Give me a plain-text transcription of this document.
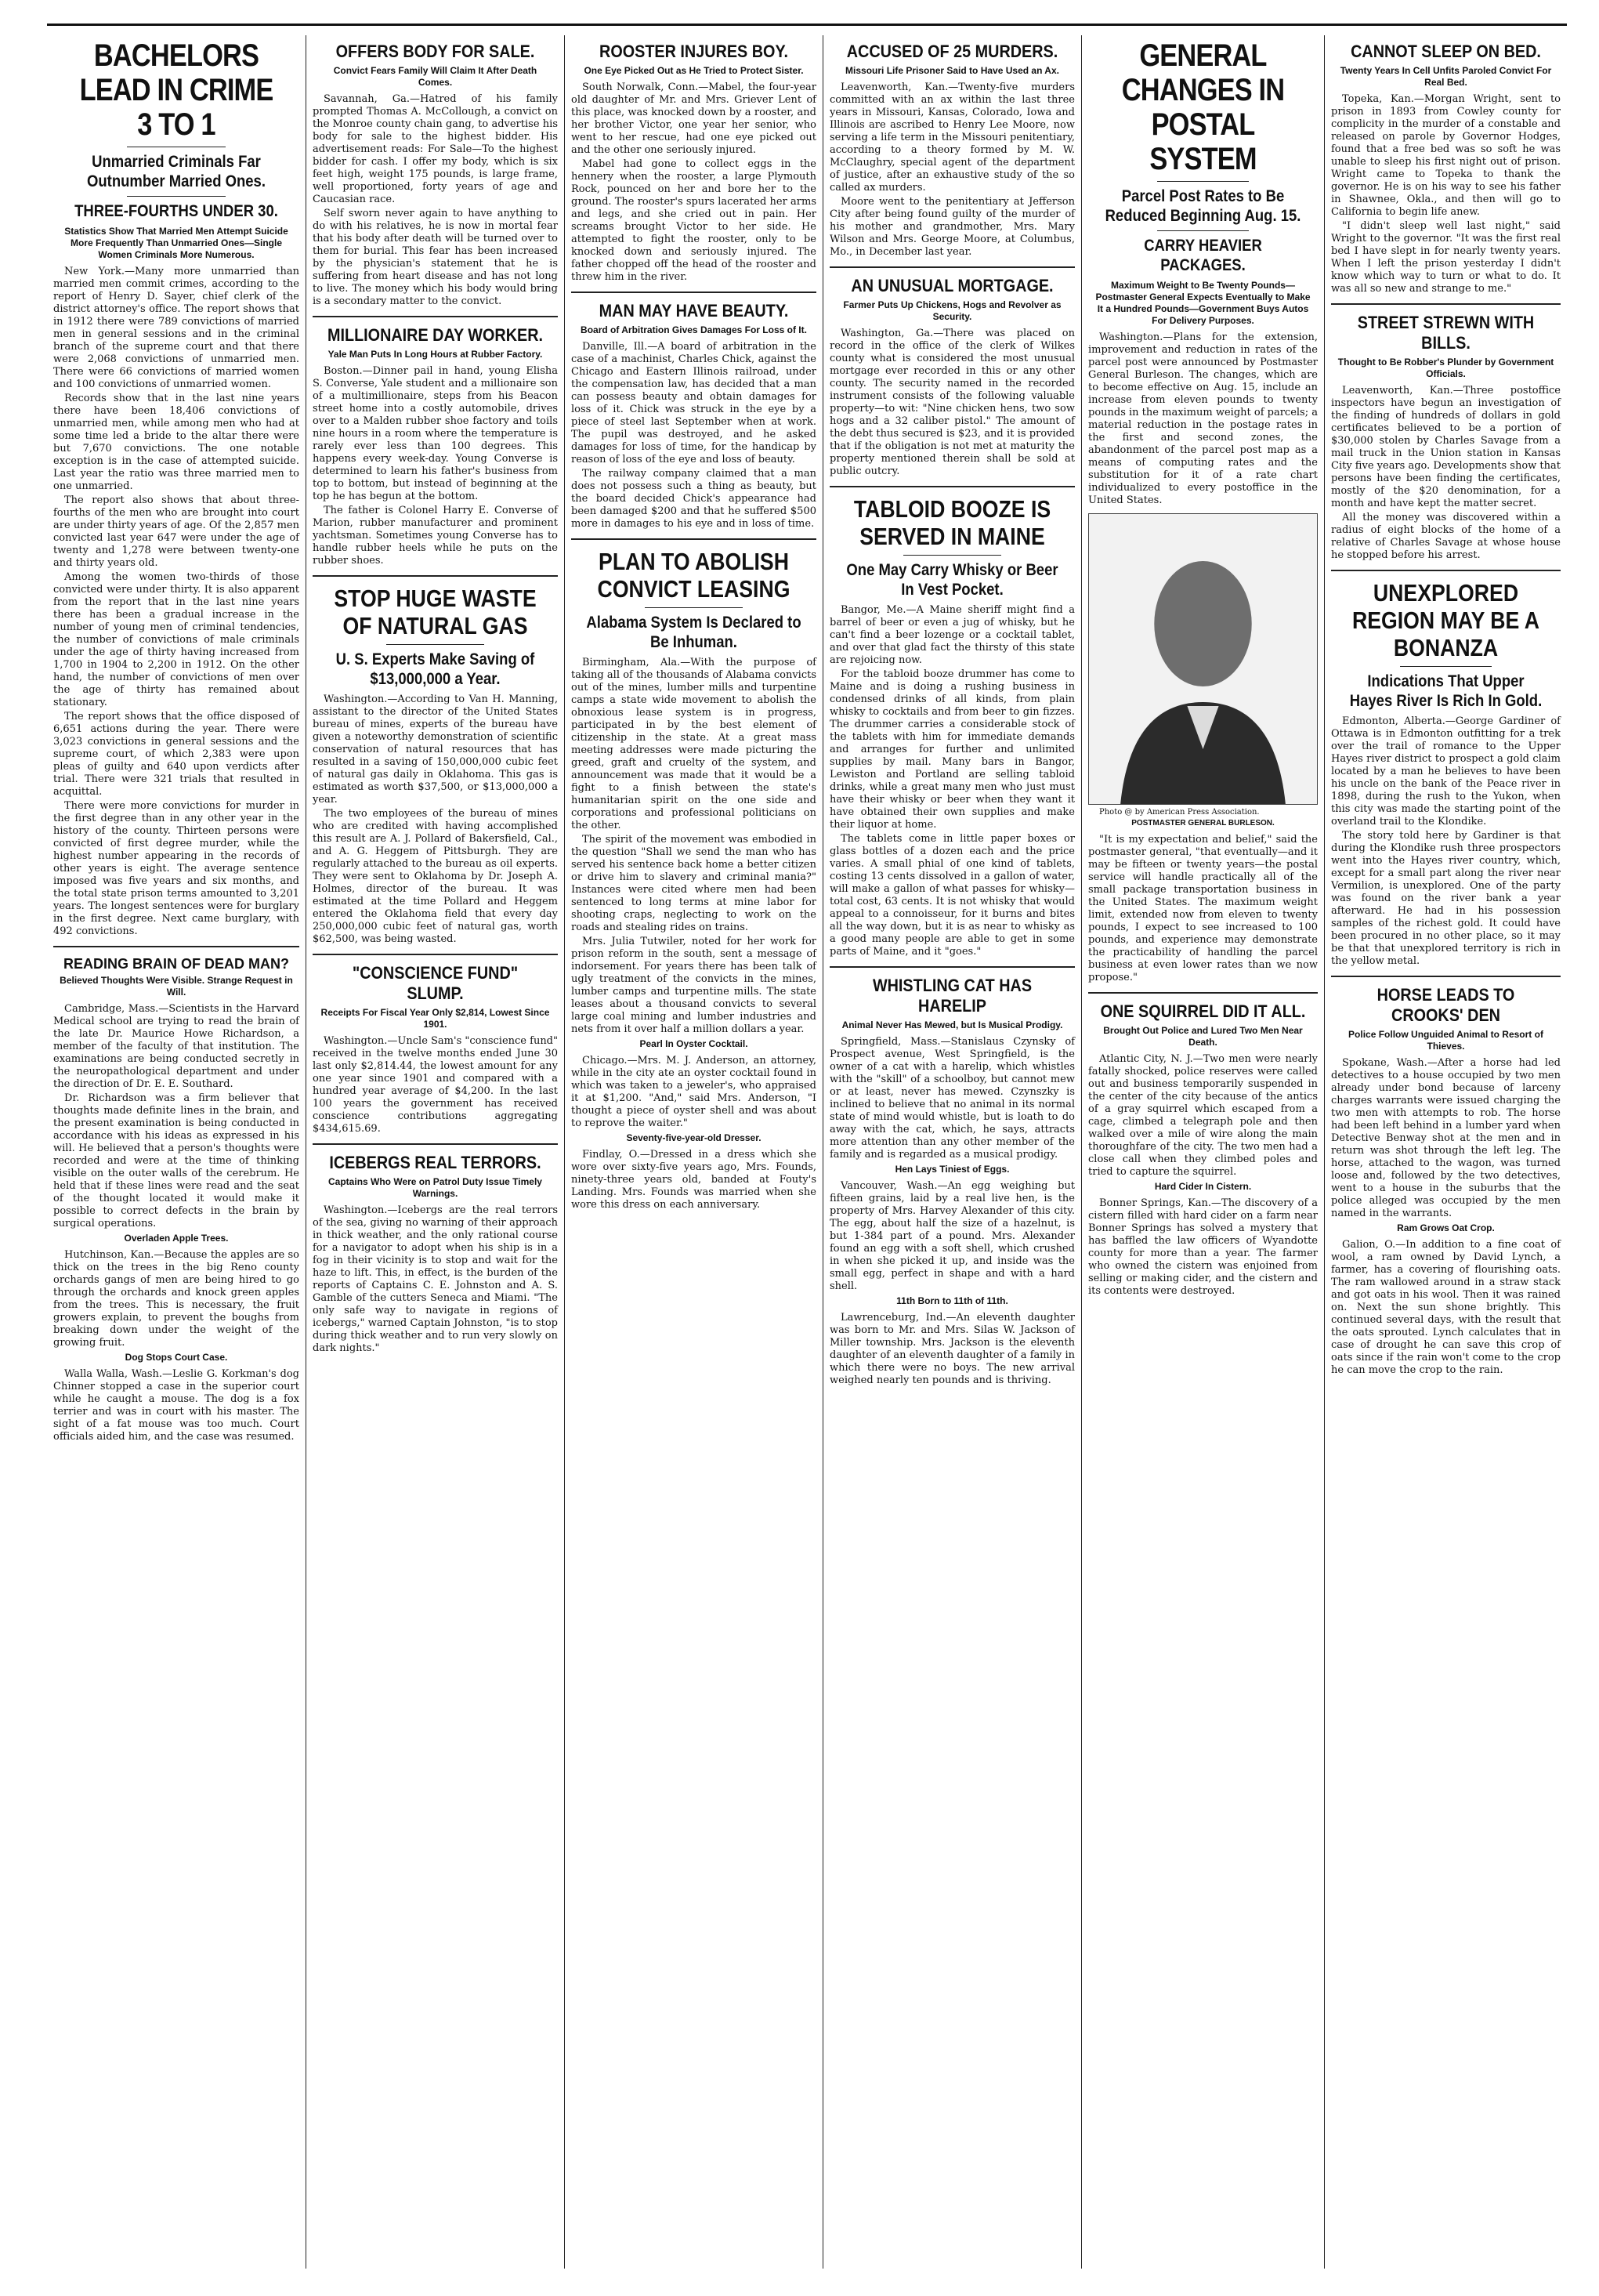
BACHELORS LEAD IN CRIME 3 TO 1
Unmarried Criminals Far Outnumber Married Ones.
THREE-FOURTHS UNDER 30.
Statistics Show That Married Men Attempt Suicide More Frequently Than Unmarried Ones—Single Women Criminals More Numerous.

New York.—Many more unmarried than married men commit crimes, according to the report of Henry D. Sayer, chief clerk of the district attorney's office. The report shows that in 1912 there were 789 convictions of married men in general sessions and in the criminal branch of the supreme court and that there were 2,068 convictions of unmarried men. There were 66 convictions of married women and 100 convictions of unmarried women.

Records show that in the last nine years there have been 18,406 convictions of unmarried men, while among men who had at some time led a bride to the altar there were but 7,670 convictions. The one notable exception is in the case of attempted suicide. Last year the ratio was three married men to one unmarried.

The report also shows that about three-fourths of the men who are brought into court are under thirty years of age. Of the 2,857 men convicted last year 647 were under the age of twenty and 1,278 were between twenty-one and thirty years old.

Among the women two-thirds of those convicted were under thirty. It is also apparent from the report that in the last nine years there has been a gradual increase in the number of young men of criminal tendencies, the number of convictions of male criminals under the age of thirty having increased from 1,700 in 1904 to 2,200 in 1912. On the other hand, the number of convictions of men over the age of thirty has remained about stationary.

The report shows that the office disposed of 6,651 actions during the year. There were 3,023 convictions in general sessions and the supreme court, of which 2,383 were upon pleas of guilty and 640 upon verdicts after trial. There were 321 trials that resulted in acquittal.

There were more convictions for murder in the first degree than in any other year in the history of the county. Thirteen persons were convicted of first degree murder, while the highest number appearing in the records of other years is eight. The average sentence imposed was five years and six months, and the total state prison terms amounted to 3,201 years. The longest sentences were for burglary in the first degree. Next came burglary, with 492 convictions.

READING BRAIN OF DEAD MAN?
Believed Thoughts Were Visible. Strange Request in Will.

Cambridge, Mass.—Scientists in the Harvard Medical school are trying to read the brain of the late Dr. Maurice Howe Richardson, a member of the faculty of that institution. The examinations are being conducted secretly in the neuropathological department and under the direction of Dr. E. E. Southard.

Dr. Richardson was a firm believer that thoughts made definite lines in the brain, and the present examination is being conducted in accordance with his ideas as expressed in his will. He believed that a person's thoughts were recorded and were at the time of thinking visible on the outer walls of the cerebrum. He held that if these lines were read and the seat of the thought located it would make it possible to correct defects in the brain by surgical operations.

Overladen Apple Trees.

Hutchinson, Kan.—Because the apples are so thick on the trees in the big Reno county orchards gangs of men are being hired to go through the orchards and knock green apples from the trees. This is necessary, the fruit growers explain, to prevent the boughs from breaking down under the weight of the growing fruit.

Dog Stops Court Case.

Walla Walla, Wash.—Leslie G. Korkman's dog Chinner stopped a case in the superior court while he caught a mouse. The dog is a fox terrier and was in court with his master. The sight of a fat mouse was too much. Court officials aided him, and the case was resumed.

OFFERS BODY FOR SALE.
Convict Fears Family Will Claim It After Death Comes.

Savannah, Ga.—Hatred of his family prompted Thomas A. McCollough, a convict on the Monroe county chain gang, to advertise his body for sale to the highest bidder. His advertisement reads: For Sale—To the highest bidder for cash. I offer my body, which is six feet high, weight 175 pounds, is large frame, well proportioned, forty years of age and Caucasian race.

Self sworn never again to have anything to do with his relatives, he is now in mortal fear that his body after death will be turned over to them for burial. This fear has been increased by the physician's statement that he is suffering from heart disease and has not long to live. The money which his body would bring is a secondary matter to the convict.

MILLIONAIRE DAY WORKER.
Yale Man Puts In Long Hours at Rubber Factory.

Boston.—Dinner pail in hand, young Elisha S. Converse, Yale student and a millionaire son of a multimillionaire, steps from his Beacon street home into a costly automobile, drives over to a Malden rubber shoe factory and toils nine hours in a room where the temperature is rarely ever less than 100 degrees. This happens every week-day. Young Converse is determined to learn his father's business from top to bottom, but instead of beginning at the top he has begun at the bottom.

The father is Colonel Harry E. Converse of Marion, rubber manufacturer and prominent yachtsman. Sometimes young Converse has to handle rubber heels while he puts on the rubber shoes.

STOP HUGE WASTE OF NATURAL GAS
U. S. Experts Make Saving of $13,000,000 a Year.

Washington.—According to Van H. Manning, assistant to the director of the United States bureau of mines, experts of the bureau have given a noteworthy demonstration of scientific conservation of natural resources that has resulted in a saving of 150,000,000 cubic feet of natural gas daily in Oklahoma. This gas is estimated as worth $37,500, or $13,000,000 a year.

The two employees of the bureau of mines who are credited with having accomplished this result are A. J. Pollard of Bakersfield, Cal., and A. G. Heggem of Pittsburgh. They are regularly attached to the bureau as oil experts. They were sent to Oklahoma by Dr. Joseph A. Holmes, director of the bureau. It was estimated at the time Pollard and Heggem entered the Oklahoma field that every day 250,000,000 cubic feet of natural gas, worth $62,500, was being wasted.

"CONSCIENCE FUND" SLUMP.
Receipts For Fiscal Year Only $2,814, Lowest Since 1901.

Washington.—Uncle Sam's "conscience fund" received in the twelve months ended June 30 last only $2,814.44, the lowest amount for any one year since 1901 and compared with a hundred year average of $4,200. In the last 100 years the government has received conscience contributions aggregating $434,615.69.

ICEBERGS REAL TERRORS.
Captains Who Were on Patrol Duty Issue Timely Warnings.

Washington.—Icebergs are the real terrors of the sea, giving no warning of their approach in thick weather, and the only rational course for a navigator to adopt when his ship is in a fog in their vicinity is to stop and wait for the haze to lift. This, in effect, is the burden of the reports of Captains C. E. Johnston and A. S. Gamble of the cutters Seneca and Miami. "The only safe way to navigate in regions of icebergs," warned Captain Johnston, "is to stop during thick weather and to run very slowly on dark nights."

ROOSTER INJURES BOY.
One Eye Picked Out as He Tried to Protect Sister.

South Norwalk, Conn.—Mabel, the four-year old daughter of Mr. and Mrs. Griever Lent of this place, was knocked down by a rooster, and her brother Victor, one year her senior, who went to her rescue, had one eye picked out and the other one seriously injured.

Mabel had gone to collect eggs in the hennery when the rooster, a large Plymouth Rock, pounced on her and bore her to the ground. The rooster's spurs lacerated her arms and legs, and she cried out in pain. Her screams brought Victor to her side. He attempted to fight the rooster, only to be knocked down and seriously injured. The father chopped off the head of the rooster and threw him in the river.

MAN MAY HAVE BEAUTY.
Board of Arbitration Gives Damages For Loss of It.

Danville, Ill.—A board of arbitration in the case of a machinist, Charles Chick, against the Chicago and Eastern Illinois railroad, under the compensation law, has decided that a man can possess beauty and obtain damages for loss of it. Chick was struck in the eye by a piece of steel last September when at work. The pupil was destroyed, and he asked damages for loss of time, for the handicap by reason of loss of the eye and loss of beauty.

The railway company claimed that a man does not possess such a thing as beauty, but the board decided Chick's appearance had been damaged $200 and that he suffered $500 more in damages to his eye and in loss of time.

PLAN TO ABOLISH CONVICT LEASING
Alabama System Is Declared to Be Inhuman.

Birmingham, Ala.—With the purpose of taking all of the thousands of Alabama convicts out of the mines, lumber mills and turpentine camps a state wide movement to abolish the obnoxious lease system is in progress, participated in by the best element of citizenship in the state. At a great mass meeting addresses were made picturing the greed, graft and cruelty of the system, and announcement was made that it would be a fight to a finish between the state's humanitarian spirit on the one side and corporations and professional politicians on the other.

The spirit of the movement was embodied in the question "Shall we send the man who has served his sentence back home a better citizen or drive him to slavery and criminal mania?" Instances were cited where men had been sentenced to long terms at mine labor for shooting craps, neglecting to work on the roads and stealing rides on trains.

Mrs. Julia Tutwiler, noted for her work for prison reform in the south, sent a message of indorsement. For years there has been talk of ugly treatment of the convicts in the mines, lumber camps and turpentine mills. The state leases about a thousand convicts to several large coal mining and lumber industries and nets from it over half a million dollars a year.

Pearl In Oyster Cocktail.

Chicago.—Mrs. M. J. Anderson, an attorney, while in the city ate an oyster cocktail found in which was taken to a jeweler's, who appraised it at $1,200. "And," said Mrs. Anderson, "I thought a piece of oyster shell and was about to reprove the waiter."

Seventy-five-year-old Dresser.

Findlay, O.—Dressed in a dress which she wore over sixty-five years ago, Mrs. Founds, ninety-three years old, banded at Fouty's Landing. Mrs. Founds was married when she wore this dress on each anniversary.

ACCUSED OF 25 MURDERS.
Missouri Life Prisoner Said to Have Used an Ax.

Leavenworth, Kan.—Twenty-five murders committed with an ax within the last three years in Missouri, Kansas, Colorado, Iowa and Illinois are ascribed to Henry Lee Moore, now serving a life term in the Missouri penitentiary, according to a theory formed by M. W. McClaughry, special agent of the department of justice, after an exhaustive study of the so called ax murders.

Moore went to the penitentiary at Jefferson City after being found guilty of the murder of his mother and grandmother, Mrs. Mary Wilson and Mrs. George Moore, at Columbus, Mo., in December last year.

AN UNUSUAL MORTGAGE.
Farmer Puts Up Chickens, Hogs and Revolver as Security.

Washington, Ga.—There was placed on record in the office of the clerk of Wilkes county what is considered the most unusual mortgage ever recorded in this or any other county. The security named in the recorded instrument consists of the following valuable property—to wit: "Nine chicken hens, two sow hogs and a 32 caliber pistol." The amount of the debt thus secured is $23, and it is provided that if the obligation is not met at maturity the property mentioned therein shall be sold at public outcry.

TABLOID BOOZE IS SERVED IN MAINE
One May Carry Whisky or Beer In Vest Pocket.

Bangor, Me.—A Maine sheriff might find a barrel of beer or even a jug of whisky, but he can't find a beer lozenge or a cocktail tablet, and over that glad fact the thirsty of this state are rejoicing now.

For the tabloid booze drummer has come to Maine and is doing a rushing business in condensed drinks of all kinds, from plain whisky to cocktails and from beer to gin fizzes. The drummer carries a considerable stock of the tablets with him for immediate demands and arranges for further and unlimited supplies by mail. Many bars in Bangor, Lewiston and Portland are selling tabloid drinks, while a great many men who just must have their whisky or beer when they want it have obtained their own supplies and make their liquor at home.

The tablets come in little paper boxes or glass bottles of a dozen each and the price varies. A small phial of one kind of tablets, costing 13 cents dissolved in a gallon of water, will make a gallon of what passes for whisky—total cost, 63 cents. It is not whisky that would appeal to a connoisseur, for it burns and bites all the way down, but it is as near to whisky as a good many people are able to get in some parts of Maine, and it "goes."

WHISTLING CAT HAS HARELIP
Animal Never Has Mewed, but Is Musical Prodigy.

Springfield, Mass.—Stanislaus Czynsky of Prospect avenue, West Springfield, is the owner of a cat with a harelip, which whistles with the "skill" of a schoolboy, but cannot mew or at least, never has mewed. Czynszky is inclined to believe that no animal in its normal state of mind would whistle, but is loath to do away with the cat, which, he says, attracts more attention than any other member of the family and is regarded as a musical prodigy.

Hen Lays Tiniest of Eggs.

Vancouver, Wash.—An egg weighing but fifteen grains, laid by a real live hen, is the property of Mrs. Harvey Alexander of this city. The egg, about half the size of a hazelnut, is but 1-384 part of a pound. Mrs. Alexander found an egg with a soft shell, which crushed in when she picked it up, and inside was the small egg, perfect in shape and with a hard shell.

11th Born to 11th of 11th.

Lawrenceburg, Ind.—An eleventh daughter was born to Mr. and Mrs. Silas W. Jackson of Miller township. Mrs. Jackson is the eleventh daughter of an eleventh daughter of a family in which there were no boys. The new arrival weighed nearly ten pounds and is thriving.

GENERAL CHANGES IN POSTAL SYSTEM
Parcel Post Rates to Be Reduced Beginning Aug. 15.
CARRY HEAVIER PACKAGES.
Maximum Weight to Be Twenty Pounds—Postmaster General Expects Eventually to Make It a Hundred Pounds—Government Buys Autos For Delivery Purposes.

Washington.—Plans for the extension, improvement and reduction in rates of the parcel post were announced by Postmaster General Burleson. The changes, which are to become effective on Aug. 15, include an increase from eleven pounds to twenty pounds in the maximum weight of parcels; a material reduction in the postage rates in the first and second zones, the abandonment of the parcel post map as a means of computing rates and the substitution for it of a rate chart individualized to every postoffice in the United States.

Photo @ by American Press Association.

POSTMASTER GENERAL BURLESON.

"It is my expectation and belief," said the postmaster general, "that eventually—and it may be fifteen or twenty years—the postal service will handle practically all of the small package transportation business in the United States. The maximum weight limit, extended now from eleven to twenty pounds, I expect to see increased to 100 pounds, and experience may demonstrate the practicability of handling the parcel business at even lower rates than we now propose."

ONE SQUIRREL DID IT ALL.
Brought Out Police and Lured Two Men Near Death.

Atlantic City, N. J.—Two men were nearly fatally shocked, police reserves were called out and business temporarily suspended in the center of the city because of the antics of a gray squirrel which escaped from a cage, climbed a telegraph pole and then walked over a mile of wire along the main thoroughfare of the city. The two men had a close call when they climbed poles and tried to capture the squirrel.

Hard Cider In Cistern.

Bonner Springs, Kan.—The discovery of a cistern filled with hard cider on a farm near Bonner Springs has solved a mystery that has baffled the law officers of Wyandotte county for more than a year. The farmer who owned the cistern was enjoined from selling or making cider, and the cistern and its contents were destroyed.

CANNOT SLEEP ON BED.
Twenty Years In Cell Unfits Paroled Convict For Real Bed.

Topeka, Kan.—Morgan Wright, sent to prison in 1893 from Cowley county for complicity in the murder of a constable and released on parole by Governor Hodges, found that a free bed was so soft he was unable to sleep his first night out of prison. Wright came to Topeka to thank the governor. He is on his way to see his father in Shawnee, Okla., and then will go to California to begin life anew.

"I didn't sleep well last night," said Wright to the governor. "It was the first real bed I have slept in for nearly twenty years. When I left the prison yesterday I didn't know which way to turn or what to do. It was all so new and strange to me."

STREET STREWN WITH BILLS.
Thought to Be Robber's Plunder by Government Officials.

Leavenworth, Kan.—Three postoffice inspectors have begun an investigation of the finding of hundreds of dollars in gold certificates believed to be a portion of $30,000 stolen by Charles Savage from a mail truck in the Union station in Kansas City five years ago. Developments show that persons have been finding the certificates, mostly of the $20 denomination, for a month and have kept the matter secret.

All the money was discovered within a radius of eight blocks of the home of a relative of Charles Savage at whose house he stopped before his arrest.

UNEXPLORED REGION MAY BE A BONANZA
Indications That Upper Hayes River Is Rich In Gold.

Edmonton, Alberta.—George Gardiner of Ottawa is in Edmonton outfitting for a trek over the trail of romance to the Upper Hayes river district to prospect a gold claim located by a man he believes to have been his uncle on the bank of the Peace river in 1898, during the rush to the Yukon, when this city was made the starting point of the overland trail to the Klondike.

The story told here by Gardiner is that during the Klondike rush three prospectors went into the Hayes river country, which, except for a small part along the river near Vermilion, is unexplored. One of the party was found on the river bank a year afterward. He had in his possession samples of the richest gold. It could have been procured in no other place, so it may be that that unexplored territory is rich in the yellow metal.

HORSE LEADS TO CROOKS' DEN
Police Follow Unguided Animal to Resort of Thieves.

Spokane, Wash.—After a horse had led detectives to a house occupied by two men already under bond because of larceny charges warrants were issued charging the two men with attempts to rob. The horse had been left behind in a lumber yard when Detective Benway shot at the men and in return was shot through the left leg. The horse, attached to the wagon, was turned loose and, followed by the two detectives, went to a house in the suburbs that the police alleged was occupied by the men named in the warrants.

Ram Grows Oat Crop.

Galion, O.—In addition to a fine coat of wool, a ram owned by David Lynch, a farmer, has a covering of flourishing oats. The ram wallowed around in a straw stack and got oats in his wool. Then it was rained on. Next the sun shone brightly. This continued several days, with the result that the oats sprouted. Lynch calculates that in case of drought he can save this crop of oats since if the rain won't come to the crop he can move the crop to the rain.
